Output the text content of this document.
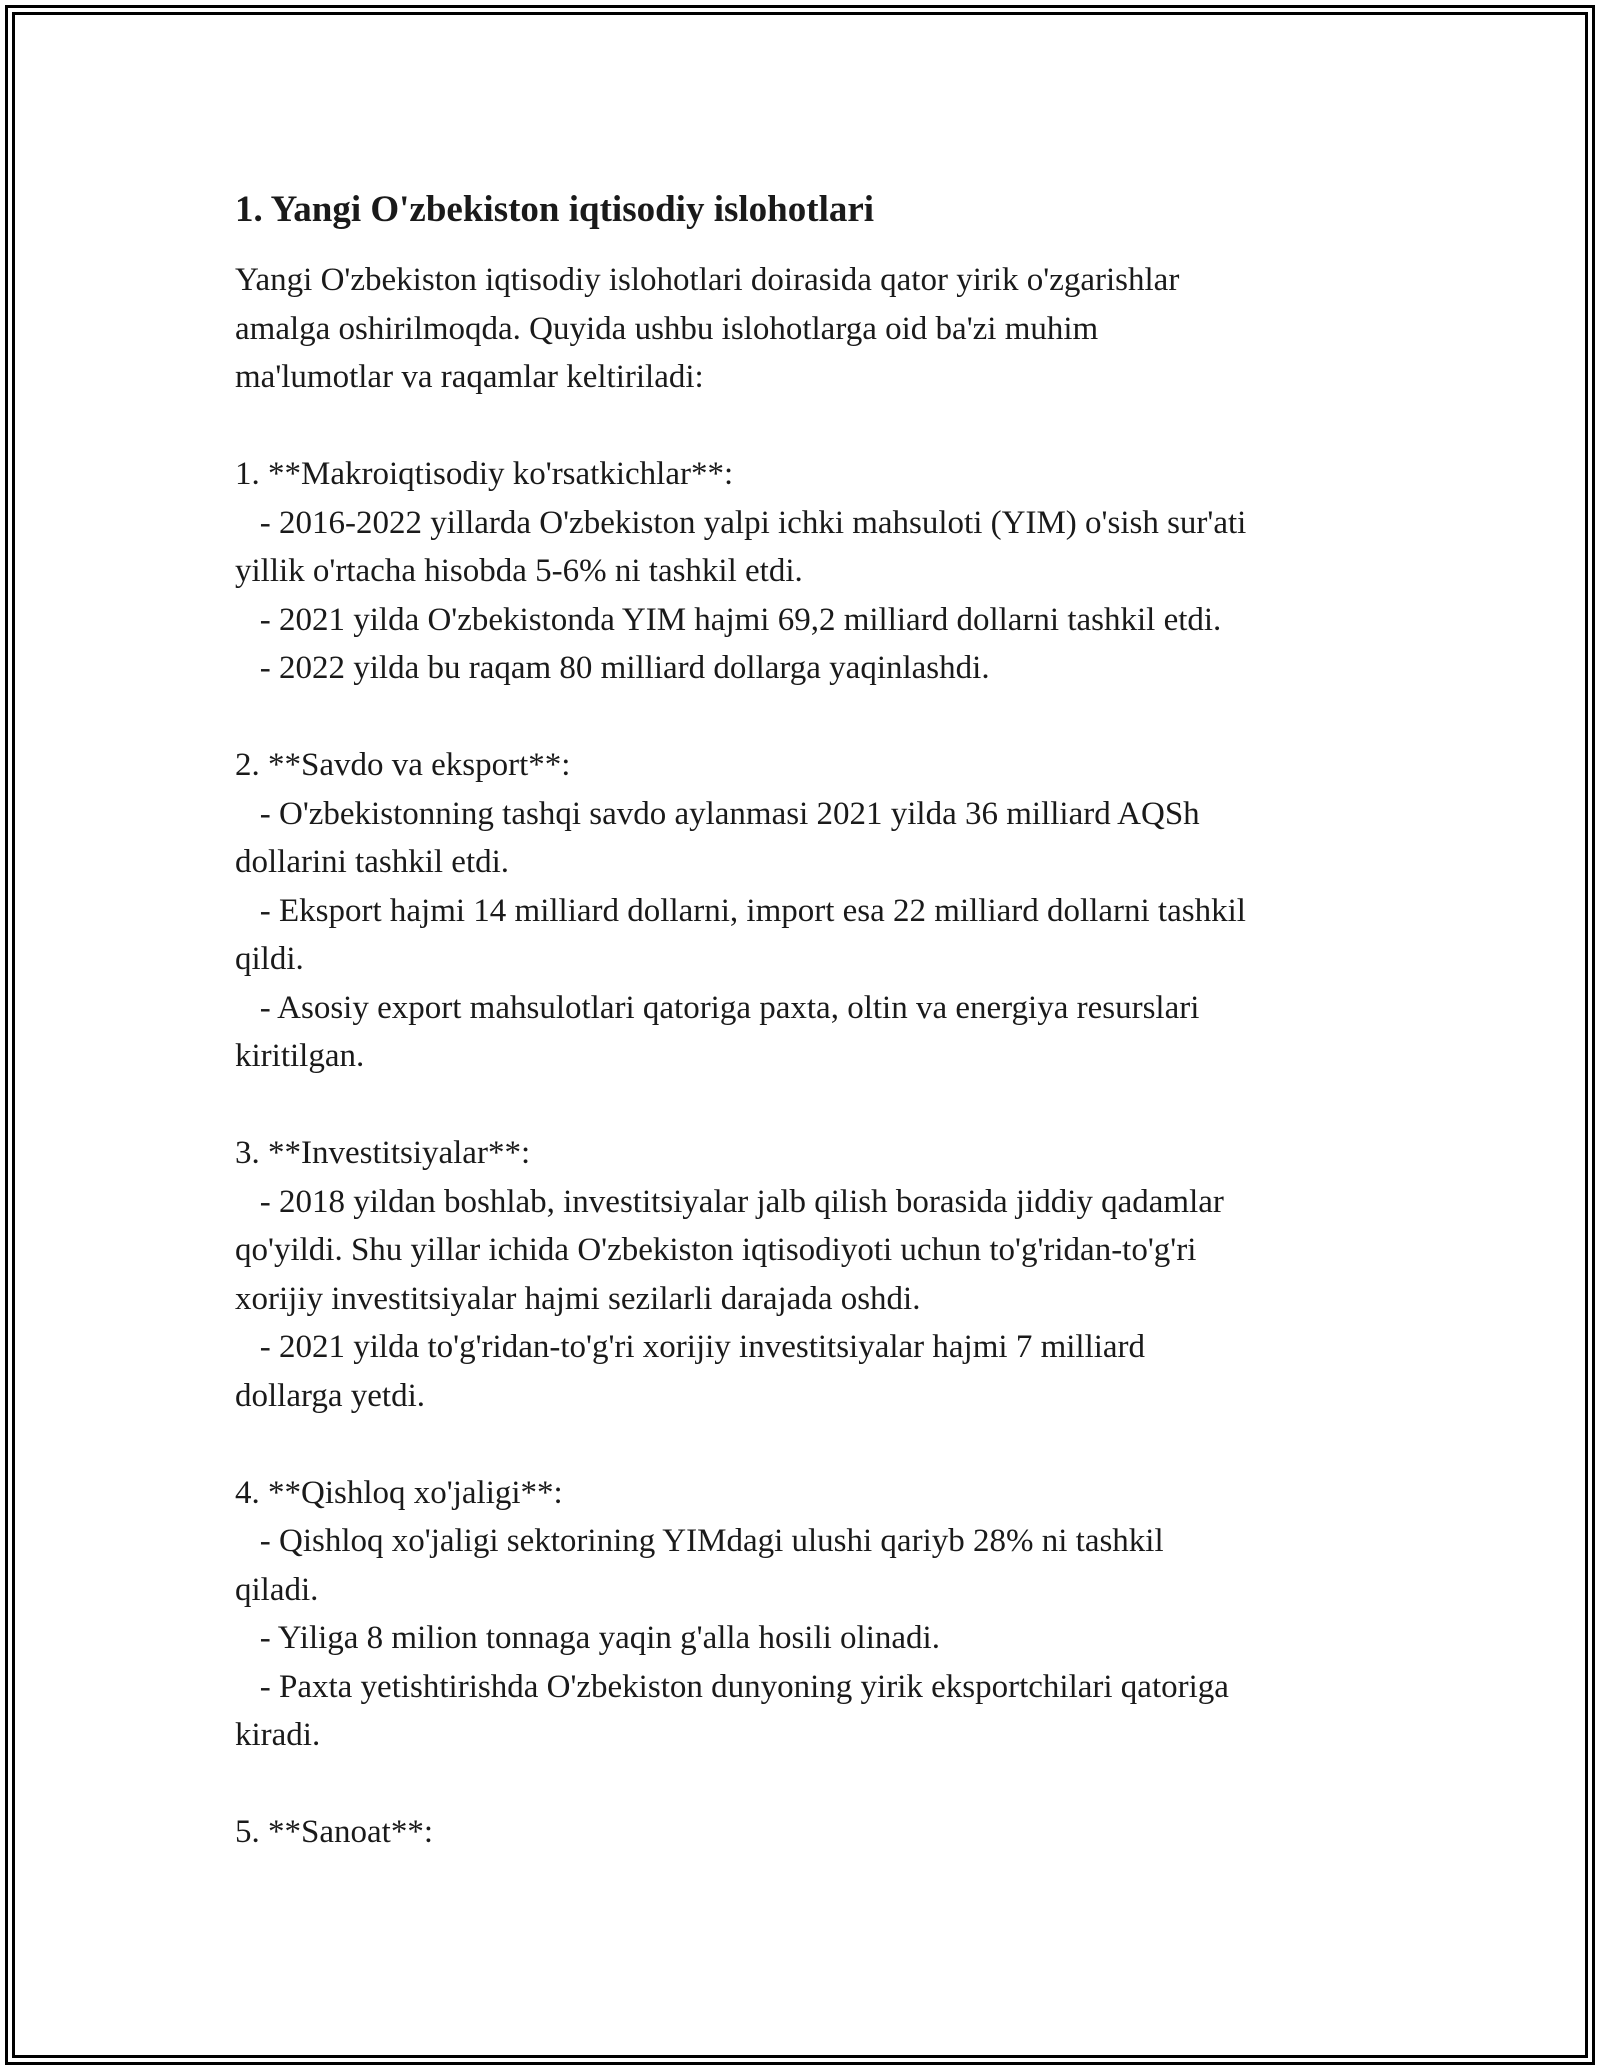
1. Yangi O'zbekiston iqtisodiy islohotlari

Yangi O'zbekiston iqtisodiy islohotlari doirasida qator yirik o'zgarishlar
amalga oshirilmoqda. Quyida ushbu islohotlarga oid ba'zi muhim
ma'lumotlar va raqamlar keltiriladi:

1. **Makroiqtisodiy ko'rsatkichlar**:
- 2016-2022 yillarda O'zbekiston yalpi ichki mahsuloti (YIM) o'sish sur'ati
yillik o'rtacha hisobda 5-6% ni tashkil etdi.
- 2021 yilda O'zbekistonda YIM hajmi 69,2 milliard dollarni tashkil etdi.
- 2022 yilda bu raqam 80 milliard dollarga yaqinlashdi.

2. **Savdo va eksport**:
- O'zbekistonning tashqi savdo aylanmasi 2021 yilda 36 milliard AQSh
dollarini tashkil etdi.
- Eksport hajmi 14 milliard dollarni, import esa 22 milliard dollarni tashkil
qildi.
- Asosiy export mahsulotlari qatoriga paxta, oltin va energiya resurslari
kiritilgan.

3. **Investitsiyalar**:
- 2018 yildan boshlab, investitsiyalar jalb qilish borasida jiddiy qadamlar
qo'yildi. Shu yillar ichida O'zbekiston iqtisodiyoti uchun to'g'ridan-to'g'ri
xorijiy investitsiyalar hajmi sezilarli darajada oshdi.
- 2021 yilda to'g'ridan-to'g'ri xorijiy investitsiyalar hajmi 7 milliard
dollarga yetdi.

4. **Qishloq xo'jaligi**:
- Qishloq xo'jaligi sektorining YIMdagi ulushi qariyb 28% ni tashkil
qiladi.
- Yiliga 8 milion tonnaga yaqin g'alla hosili olinadi.
- Paxta yetishtirishda O'zbekiston dunyoning yirik eksportchilari qatoriga
kiradi.

5. **Sanoat**:
